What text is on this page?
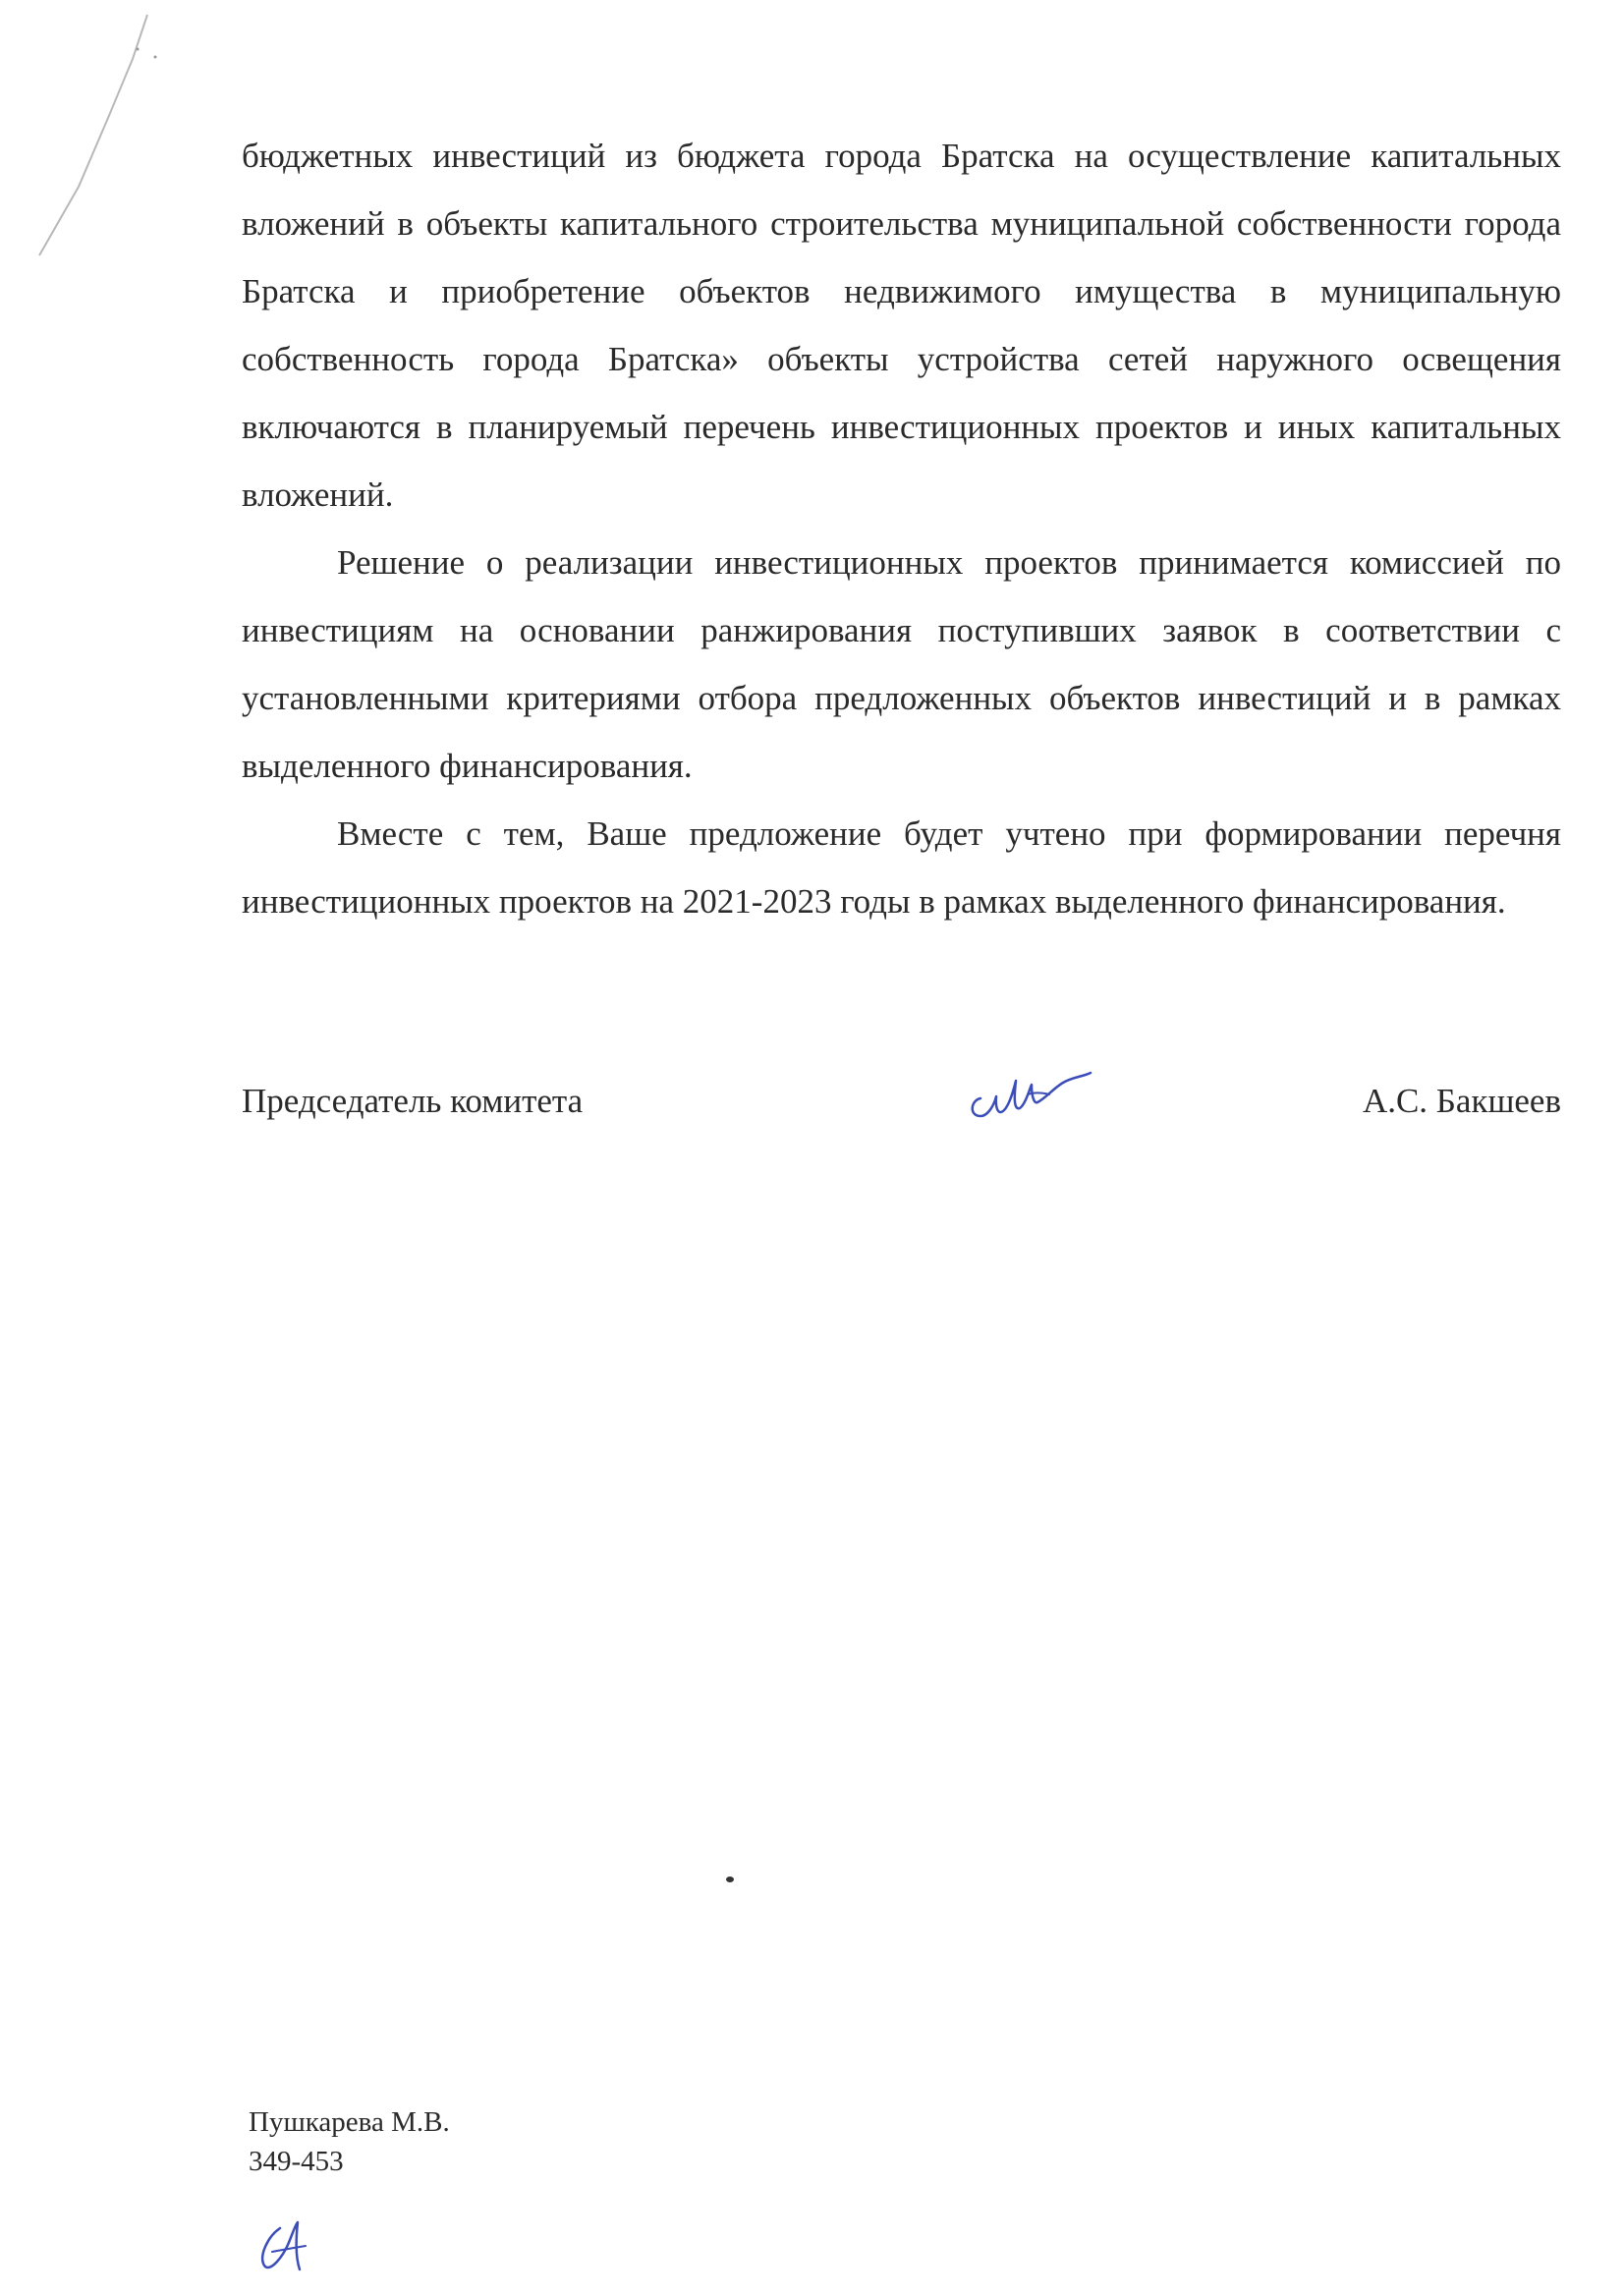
бюджетных инвестиций из бюджета города Братска на осуществление капитальных вложений в объекты капитального строительства муниципальной собственности города Братска и приобретение объектов недвижимого имущества в муниципальную собственность города Братска» объекты устройства сетей наружного освещения включаются в планируемый перечень инвестиционных проектов и иных капитальных вложений.

Решение о реализации инвестиционных проектов принимается комиссией по инвестициям на основании ранжирования поступивших заявок в соответствии с установленными критериями отбора предложенных объектов инвестиций и в рамках выделенного финансирования.

Вместе с тем, Ваше предложение будет учтено при формировании перечня инвестиционных проектов на 2021-2023 годы в рамках выделенного финансирования.

Председатель комитета	А.С. Бакшеев
Пушкарева М.В.
349-453
